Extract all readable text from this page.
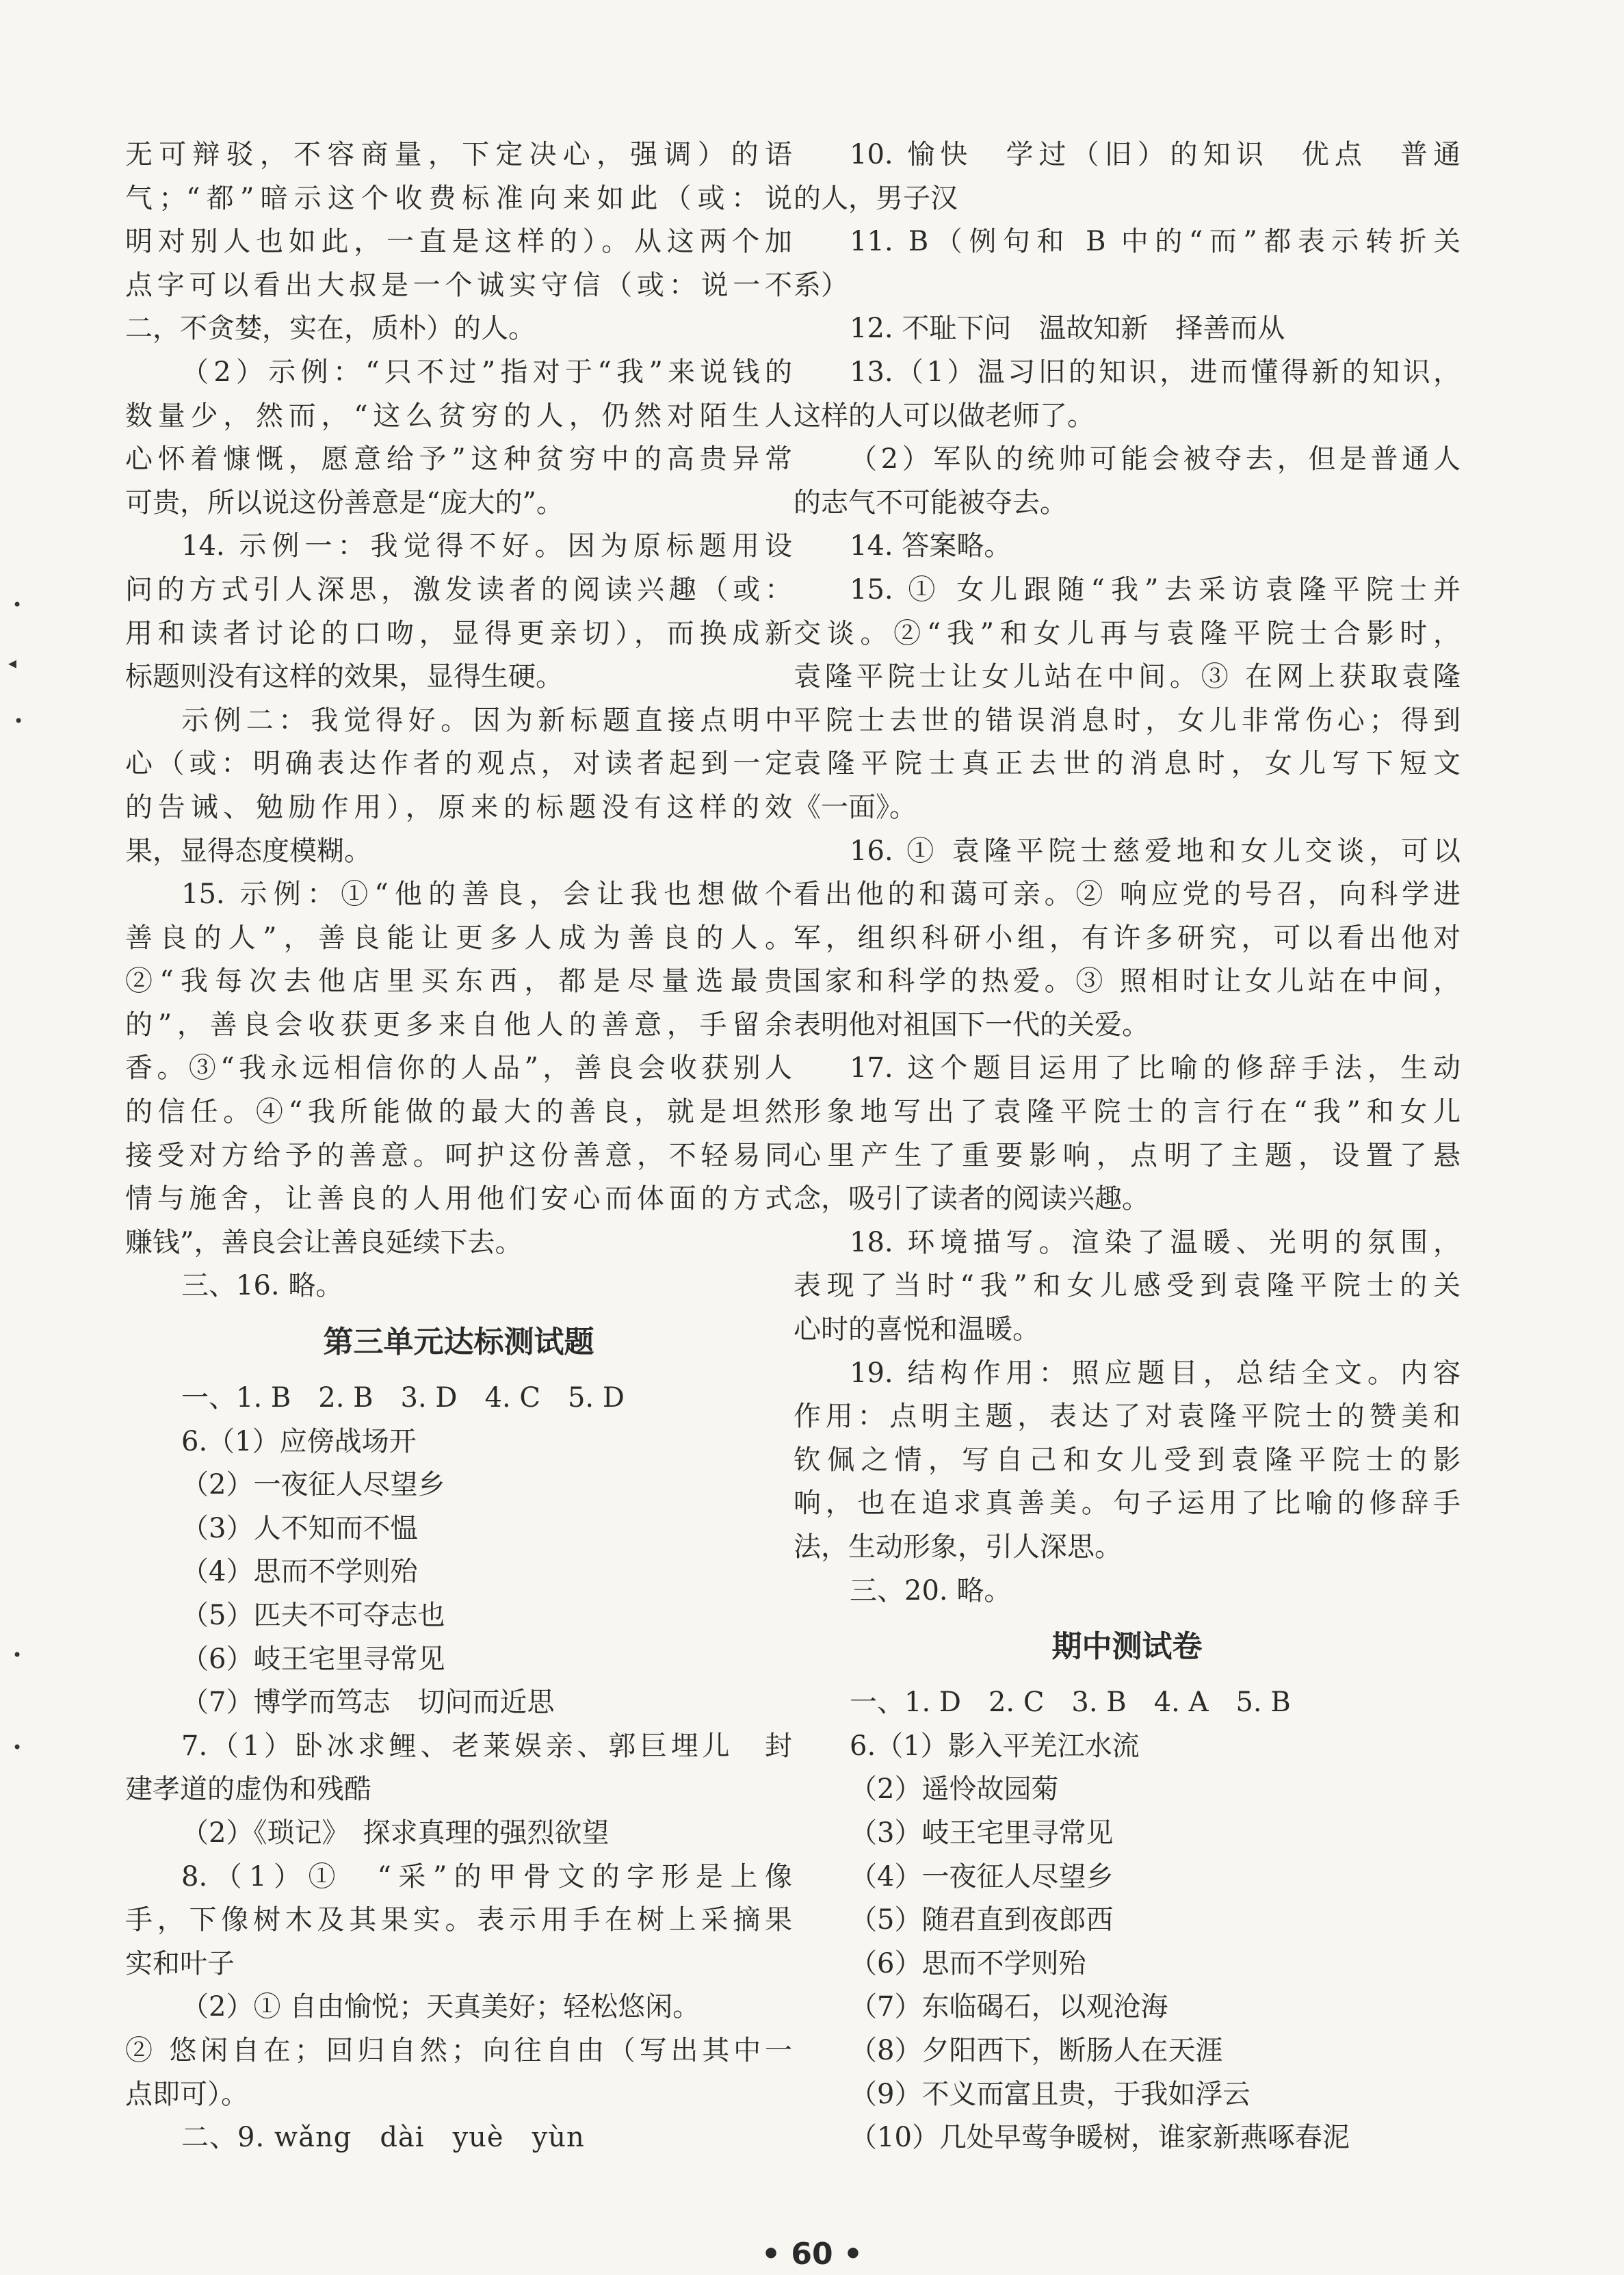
无可辩驳，不容商量，下定决心，强调）的语
气；“都”暗示这个收费标准向来如此（或：说
明对别人也如此，一直是这样的）。从这两个加
点字可以看出大叔是一个诚实守信（或：说一不
二，不贪婪，实在，质朴）的人。
（2）示例：“只不过”指对于“我”来说钱的
数量少，然而，“这么贫穷的人，仍然对陌生人
心怀着慷慨，愿意给予”这种贫穷中的高贵异常
可贵，所以说这份善意是“庞大的”。
14. 示例一：我觉得不好。因为原标题用设
问的方式引人深思，激发读者的阅读兴趣（或：
用和读者讨论的口吻，显得更亲切），而换成新
标题则没有这样的效果，显得生硬。
示例二：我觉得好。因为新标题直接点明中
心（或：明确表达作者的观点，对读者起到一定
的告诫、勉励作用），原来的标题没有这样的效
果，显得态度模糊。
15. 示例：①“他的善良，会让我也想做个
善良的人”，善良能让更多人成为善良的人。
②“我每次去他店里买东西，都是尽量选最贵
的”，善良会收获更多来自他人的善意，手留余
香。③“我永远相信你的人品”，善良会收获别人
的信任。④“我所能做的最大的善良，就是坦然
接受对方给予的善意。呵护这份善意，不轻易同
情与施舍，让善良的人用他们安心而体面的方式
赚钱”，善良会让善良延续下去。
三、16. 略。
第三单元达标测试题
一、1. B　2. B　3. D　4. C　5. D
6.（1）应傍战场开
（2）一夜征人尽望乡
（3）人不知而不愠
（4）思而不学则殆
（5）匹夫不可夺志也
（6）岐王宅里寻常见
（7）博学而笃志　切问而近思
7.（1）卧冰求鲤、老莱娱亲、郭巨埋儿　封
建孝道的虚伪和残酷
（2）《琐记》　探求真理的强烈欲望
8.（1）①　“采”的甲骨文的字形是上像
手，下像树木及其果实。表示用手在树上采摘果
实和叶子
（2）① 自由愉悦；天真美好；轻松悠闲。
② 悠闲自在；回归自然；向往自由（写出其中一
点即可）。
二、9. wǎng　dài　yuè　yùn
10. 愉快　学过（旧）的知识　优点　普通
的人，男子汉
11. B（例句和 B 中的“而”都表示转折关
系）
12. 不耻下问　温故知新　择善而从
13.（1）温习旧的知识，进而懂得新的知识，
这样的人可以做老师了。
（2）军队的统帅可能会被夺去，但是普通人
的志气不可能被夺去。
14. 答案略。
15. ① 女儿跟随“我”去采访袁隆平院士并
交谈。②“我”和女儿再与袁隆平院士合影时，
袁隆平院士让女儿站在中间。③ 在网上获取袁隆
平院士去世的错误消息时，女儿非常伤心；得到
袁隆平院士真正去世的消息时，女儿写下短文
《一面》。
16. ① 袁隆平院士慈爱地和女儿交谈，可以
看出他的和蔼可亲。② 响应党的号召，向科学进
军，组织科研小组，有许多研究，可以看出他对
国家和科学的热爱。③ 照相时让女儿站在中间，
表明他对祖国下一代的关爱。
17. 这个题目运用了比喻的修辞手法，生动
形象地写出了袁隆平院士的言行在“我”和女儿
心里产生了重要影响，点明了主题，设置了悬
念，吸引了读者的阅读兴趣。
18. 环境描写。渲染了温暖、光明的氛围，
表现了当时“我”和女儿感受到袁隆平院士的关
心时的喜悦和温暖。
19. 结构作用：照应题目，总结全文。内容
作用：点明主题，表达了对袁隆平院士的赞美和
钦佩之情，写自己和女儿受到袁隆平院士的影
响，也在追求真善美。句子运用了比喻的修辞手
法，生动形象，引人深思。
三、20. 略。
期中测试卷
一、1. D　2. C　3. B　4. A　5. B
6.（1）影入平羌江水流
（2）遥怜故园菊
（3）岐王宅里寻常见
（4）一夜征人尽望乡
（5）随君直到夜郎西
（6）思而不学则殆
（7）东临碣石，以观沧海
（8）夕阳西下，断肠人在天涯
（9）不义而富且贵，于我如浮云
（10）几处早莺争暖树，谁家新燕啄春泥
•
◂
•
•
•
• 60 •
